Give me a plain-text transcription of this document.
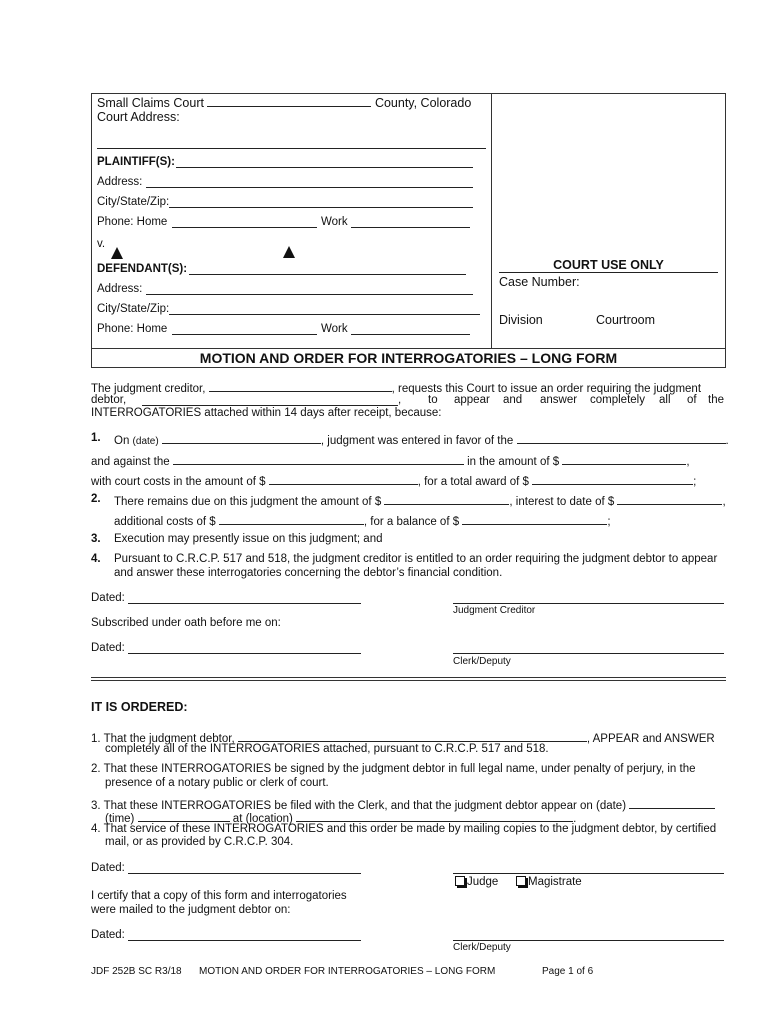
Small Claims Court	County, Colorado
Court Address:
PLAINTIFF(S):
Address:
City/State/Zip:
Phone: Home	Work
v.
DEFENDANT(S):
Address:
City/State/Zip:
Phone: Home	Work
COURT USE ONLY
Case Number:
Division	Courtroom
MOTION AND ORDER FOR INTERROGATORIES – LONG FORM
The judgment creditor,	, requests this Court to issue an order requiring the judgment
debtor,	, to appear and answer completely all of the
INTERROGATORIES attached within 14 days after receipt, because:
1. On (date)	, judgment was entered in favor of the	.
and against the	in the amount of $	,
with court costs in the amount of $	, for a total award of $	;
2. There remains due on this judgment the amount of $	, interest to date of $	,
additional costs of $	, for a balance of $	;
3. Execution may presently issue on this judgment; and
4. Pursuant to C.R.C.P. 517 and 518, the judgment creditor is entitled to an order requiring the judgment debtor to appear
and answer these interrogatories concerning the debtor’s financial condition.
Dated:
Judgment Creditor
Subscribed under oath before me on:
Dated:
Clerk/Deputy
IT IS ORDERED:
1. That the judgment debtor,	, APPEAR and ANSWER
completely all of the INTERROGATORIES attached, pursuant to C.R.C.P. 517 and 518.
2. That these INTERROGATORIES be signed by the judgment debtor in full legal name, under penalty of perjury, in the
presence of a notary public or clerk of court.
3. That these INTERROGATORIES be filed with the Clerk, and that the judgment debtor appear on (date)
(time)	at (location)	.
4. That service of these INTERROGATORIES and this order be made by mailing copies to the judgment debtor, by certified
mail, or as provided by C.R.C.P. 304.
Dated:
Judge	Magistrate
I certify that a copy of this form and interrogatories
were mailed to the judgment debtor on:
Dated:
Clerk/Deputy
JDF 252B SC R3/18 MOTION AND ORDER FOR INTERROGATORIES – LONG FORM	Page 1 of 6
